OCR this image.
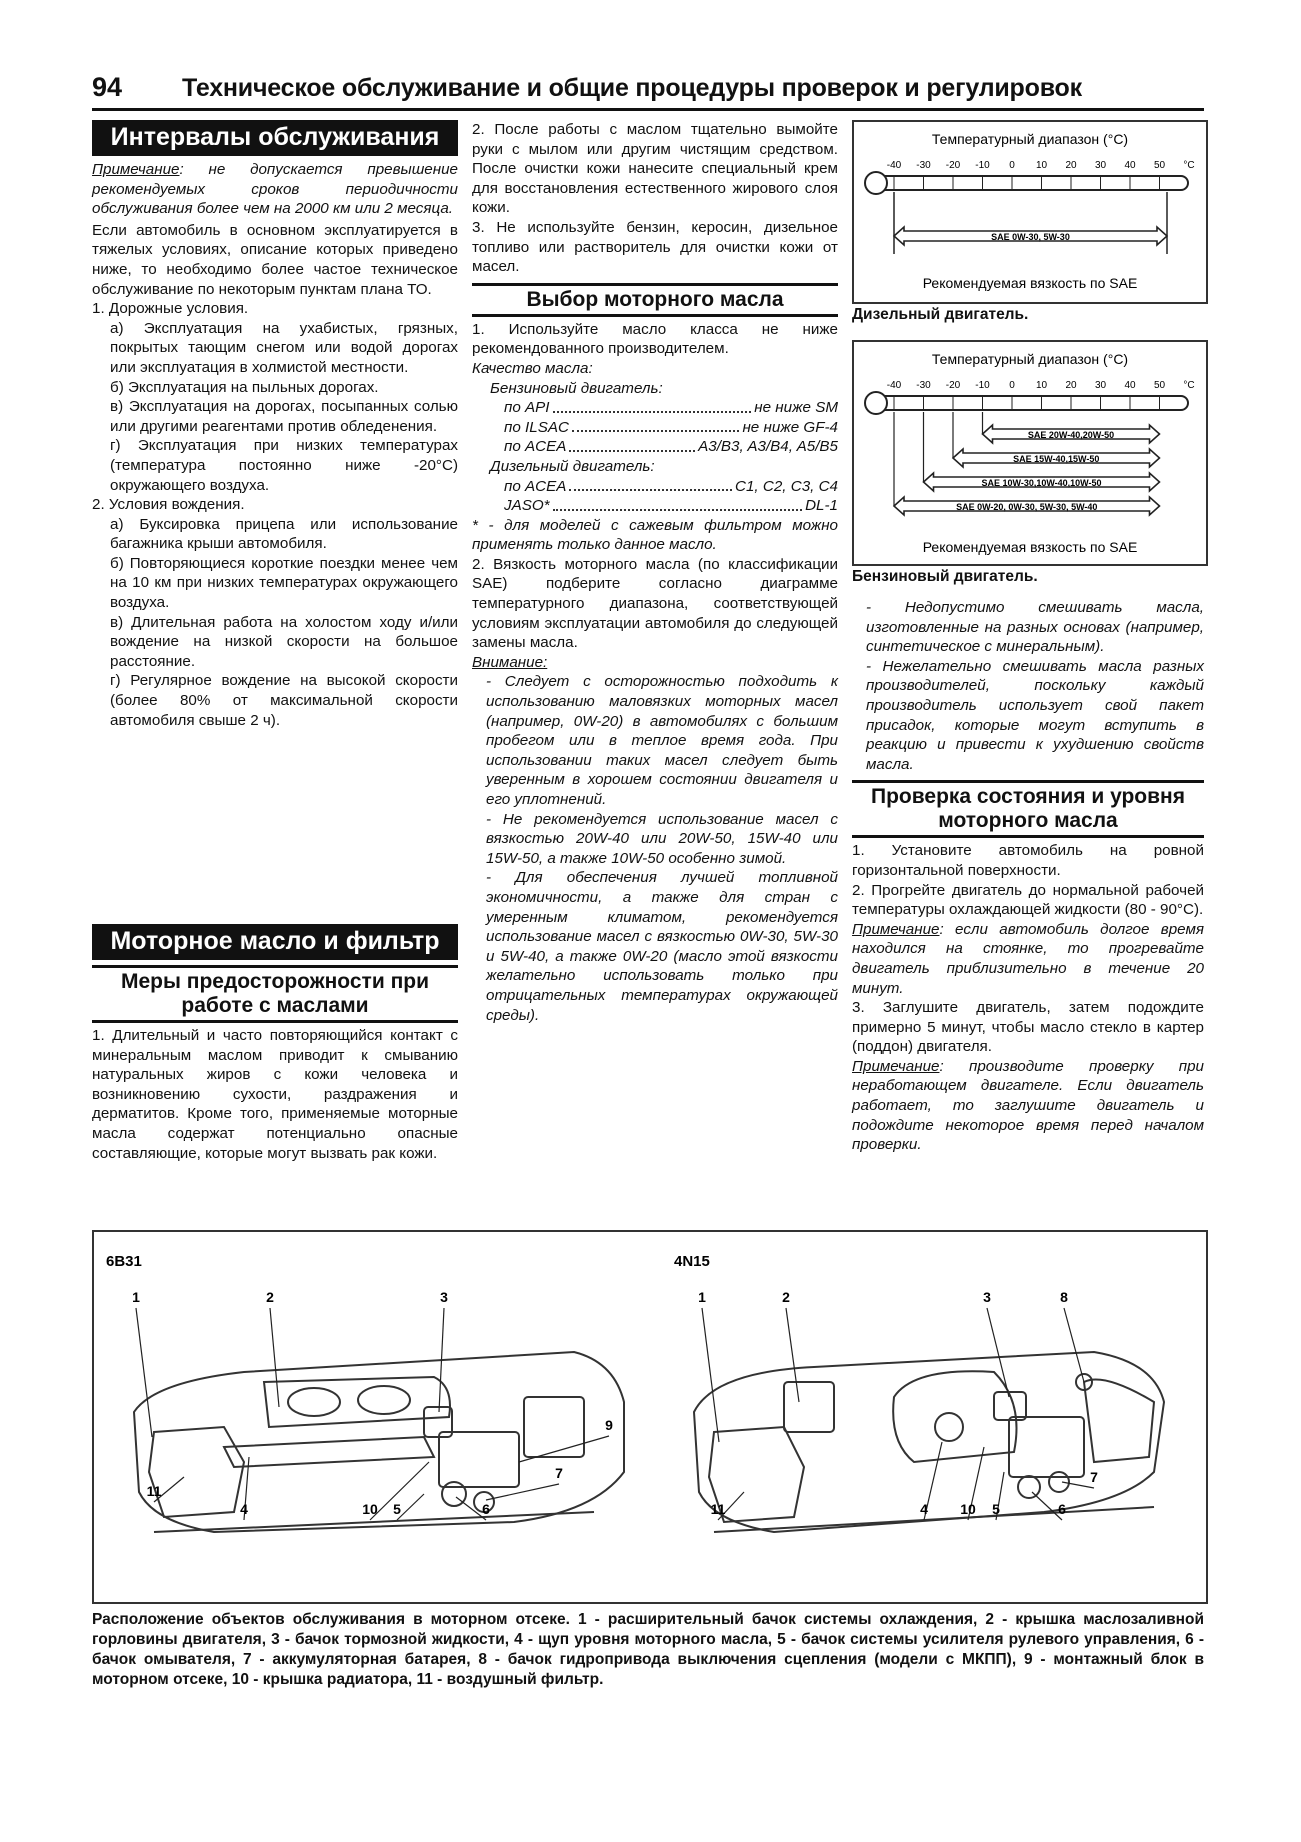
94 Техническое обслуживание и общие процедуры проверок и регулировок
Интервалы обслуживания

Примечание: не допускается превышение рекомендуемых сроков периодичности обслуживания более чем на 2000 км или 2 месяца.

Если автомобиль в основном эксплуатируется в тяжелых условиях, описание которых приведено ниже, то необходимо более частое техническое обслуживание по некоторым пунктам плана ТО.

1. Дорожные условия.

а) Эксплуатация на ухабистых, грязных, покрытых тающим снегом или водой дорогах или эксплуатация в холмистой местности.

б) Эксплуатация на пыльных дорогах.

в) Эксплуатация на дорогах, посыпанных солью или другими реагентами против обледенения.

г) Эксплуатация при низких температурах (температура постоянно ниже -20°C) окружающего воздуха.

2. Условия вождения.

а) Буксировка прицепа или использование багажника крыши автомобиля.

б) Повторяющиеся короткие поездки менее чем на 10 км при низких температурах окружающего воздуха.

в) Длительная работа на холостом ходу и/или вождение на низкой скорости на большое расстояние.

г) Регулярное вождение на высокой скорости (более 80% от максимальной скорости автомобиля свыше 2 ч).

Моторное масло и фильтр
Меры предосторожности при работе с маслами

1. Длительный и часто повторяющийся контакт с минеральным маслом приводит к смыванию натуральных жиров с кожи человека и возникновению сухости, раздражения и дерматитов. Кроме того, применяемые моторные масла содержат потенциально опасные составляющие, которые могут вызвать рак кожи.

2. После работы с маслом тщательно вымойте руки с мылом или другим чистящим средством. После очистки кожи нанесите специальный крем для восстановления естественного жирового слоя кожи.

3. Не используйте бензин, керосин, дизельное топливо или растворитель для очистки кожи от масел.

Выбор моторного масла

1. Используйте масло класса не ниже рекомендованного производителем.

Качество масла:

Бензиновый двигатель:

по API	не ниже SM
по ILSAC	не ниже GF-4
по ACEA	A3/B3, A3/B4, A5/B5

Дизельный двигатель:

по ACEA	C1, C2, C3, C4
JASO*	DL-1

* - для моделей с сажевым фильтром можно применять только данное масло.

2. Вязкость моторного масла (по классификации SAE) подберите согласно диаграмме температурного диапазона, соответствующей условиям эксплуатации автомобиля до следующей замены масла.

Внимание:

- Следует с осторожностью подходить к использованию маловязких моторных масел (например, 0W-20) в автомобилях с большим пробегом или в теплое время года. При использовании таких масел следует быть уверенным в хорошем состоянии двигателя и его уплотнений.

- Не рекомендуется использование масел с вязкостью 20W-40 или 20W-50, 15W-40 или 15W-50, а также 10W-50 особенно зимой.

- Для обеспечения лучшей топливной экономичности, а также для стран с умеренным климатом, рекомендуется использование масел с вязкостью 0W-30, 5W-30 и 5W-40, а также 0W-20 (масло этой вязкости желательно использовать только при отрицательных температурах окружающей среды).

Температурный диапазон (°C)
-40 -30 -20 -10 0 10 20 30 40 50 °C
SAE 0W-30, 5W-30
Рекомендуемая вязкость по SAE
Дизельный двигатель.
Температурный диапазон (°C)
-40 -30 -20 -10 0 10 20 30 40 50 °C
SAE 20W-40,20W-50
SAE 15W-40,15W-50
SAE 10W-30,10W-40,10W-50
SAE 0W-20, 0W-30, 5W-30, 5W-40
Рекомендуемая вязкость по SAE
Бензиновый двигатель.

- Недопустимо смешивать масла, изготовленные на разных основах (например, синтетическое с минеральным).

- Нежелательно смешивать масла разных производителей, поскольку каждый производитель использует свой пакет присадок, которые могут вступить в реакцию и привести к ухудшению свойств масла.

Проверка состояния и уровня моторного масла

1. Установите автомобиль на ровной горизонтальной поверхности.

2. Прогрейте двигатель до нормальной рабочей температуры охлаждающей жидкости (80 - 90°C).

Примечание: если автомобиль долгое время находился на стоянке, то прогревайте двигатель приблизительно в течение 20 минут.

3. Заглушите двигатель, затем подождите примерно 5 минут, чтобы масло стекло в картер (поддон) двигателя.

Примечание: производите проверку при неработающем двигателе. Если двигатель работает, то заглушите двигатель и подождите некоторое время перед началом проверки.

6B31	4N15
1	2	3
9
7
6
5
10
4
11
1	2	3	8
7
6
5
10
4
11
Расположение объектов обслуживания в моторном отсеке. 1 - расширительный бачок системы охлаждения, 2 - крышка маслозаливной горловины двигателя, 3 - бачок тормозной жидкости, 4 - щуп уровня моторного масла, 5 - бачок системы усилителя рулевого управления, 6 - бачок омывателя, 7 - аккумуляторная батарея, 8 - бачок гидропривода выключения сцепления (модели с МКПП), 9 - монтажный блок в моторном отсеке, 10 - крышка радиатора, 11 - воздушный фильтр.
